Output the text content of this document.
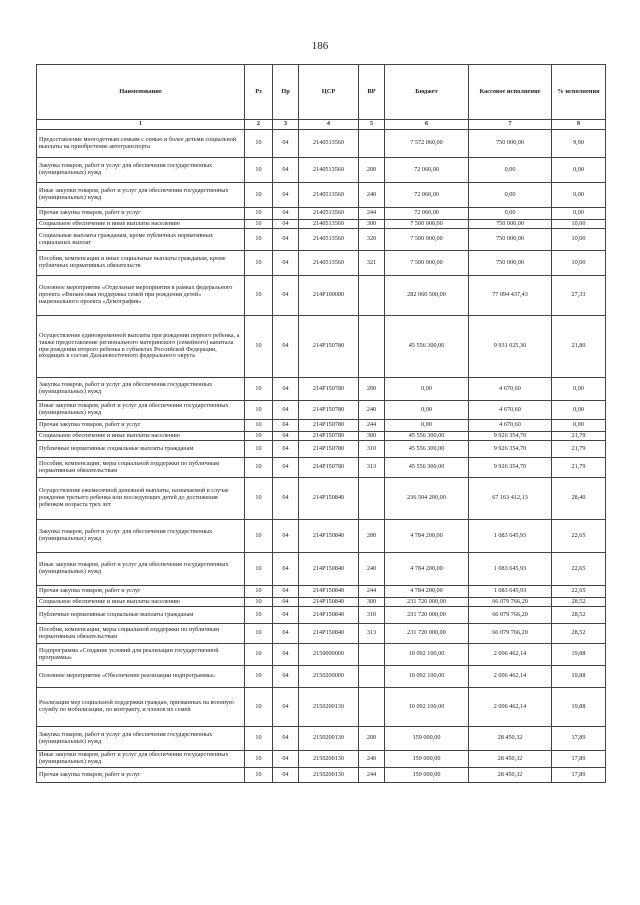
186
Наименование	Рз	Пр	ЦСР	ВР	Бюджет	Кассовое исполнение	% исполнения
1	2	3	4	5	6	7	8
Предоставление многодетным семьям с семью и более детьми социальной выплаты на приобретение автотранспорта	10	04	2140513560		7 572 060,00	750 000,00	9,90
Закупка товаров, работ и услуг для обеспечения государственных (муниципальных) нужд	10	04	2140513560	200	72 060,00	0,00	0,00
Иные закупки товаров, работ и услуг для обеспечения государственных (муниципальных) нужд	10	04	2140513560	240	72 060,00	0,00	0,00
Прочая закупка товаров, работ и услуг	10	04	2140513560	244	72 060,00	0,00	0,00
Социальное обеспечение и иные выплаты населению	10	04	2140513560	300	7 500 000,00	750 000,00	10,00
Социальные выплаты гражданам, кроме публичных нормативных социальных выплат	10	04	2140513560	320	7 500 000,00	750 000,00	10,00
Пособия, компенсации и иные социальные выплаты гражданам, кроме публичных нормативных обязательств	10	04	2140513560	321	7 500 000,00	750 000,00	10,00
Основное мероприятие «Отдельные мероприятия в рамках федерального проекта «Финансовая поддержка семей при рождении детей» национального проекта «Демография»	10	04	214P100000		282 060 500,00	77 094 437,43	27,33
Осуществление единовременной выплаты при рождении первого ребенка, а также предоставление регионального материнского (семейного) капитала при рождении второго ребенка в субъектах Российской Федерации, входящих в состав Дальневосточного федерального округа	10	04	214P150780		45 556 300,00	9 931 025,30	21,80
Закупка товаров, работ и услуг для обеспечения государственных (муниципальных) нужд	10	04	214P150780	200	0,00	4 670,60	0,00
Иные закупки товаров, работ и услуг для обеспечения государственных (муниципальных) нужд	10	04	214P150780	240	0,00	4 670,60	0,00
Прочая закупка товаров, работ и услуг	10	04	214P150780	244	0,00	4 670,60	0,00
Социальное обеспечение и иные выплаты населению	10	04	214P150780	300	45 556 300,00	9 926 354,70	21,79
Публичные нормативные социальные выплаты гражданам	10	04	214P150780	310	45 556 300,00	9 926 354,70	21,79
Пособия, компенсации, меры социальной поддержки по публичным нормативным обязательствам	10	04	214P150780	313	45 556 300,00	9 926 354,70	21,79
Осуществление ежемесячной денежной выплаты, назначаемой в случае рождения третьего ребенка или последующих детей до достижения ребенком возраста трех лет	10	04	214P150840		236 504 200,00	67 163 412,13	28,40
Закупка товаров, работ и услуг для обеспечения государственных (муниципальных) нужд	10	04	214P150840	200	4 784 200,00	1 083 645,93	22,65
Иные закупки товаров, работ и услуг для обеспечения государственных (муниципальных) нужд	10	04	214P150840	240	4 784 200,00	1 083 645,93	22,65
Прочая закупка товаров, работ и услуг	10	04	214P150840	244	4 784 200,00	1 083 645,93	22,65
Социальное обеспечение и иные выплаты населению	10	04	214P150840	300	231 720 000,00	66 079 766,20	28,52
Публичные нормативные социальные выплаты гражданам	10	04	214P150840	310	231 720 000,00	66 079 766,20	28,52
Пособия, компенсации, меры социальной поддержки по публичным нормативным обязательствам	10	04	214P150840	313	231 720 000,00	66 079 766,20	28,52
Подпрограмма «Создание условий для реализации государственной программы»	10	04	2150000000		10 092 100,00	2 006 462,14	19,88
Основное мероприятие «Обеспечение реализации подпрограммы»	10	04	2150200000		10 092 100,00	2 006 462,14	19,88
Реализация мер социальной поддержки граждан, призванных на военную службу по мобилизации, по контракту, и членов их семей	10	04	2150200130		10 092 100,00	2 006 462,14	19,88
Закупка товаров, работ и услуг для обеспечения государственных (муниципальных) нужд	10	04	2150200130	200	159 000,00	28 450,32	17,89
Иные закупки товаров, работ и услуг для обеспечения государственных (муниципальных) нужд	10	04	2150200130	240	159 000,00	28 450,32	17,89
Прочая закупка товаров, работ и услуг	10	04	2150200130	244	159 000,00	28 450,32	17,89
